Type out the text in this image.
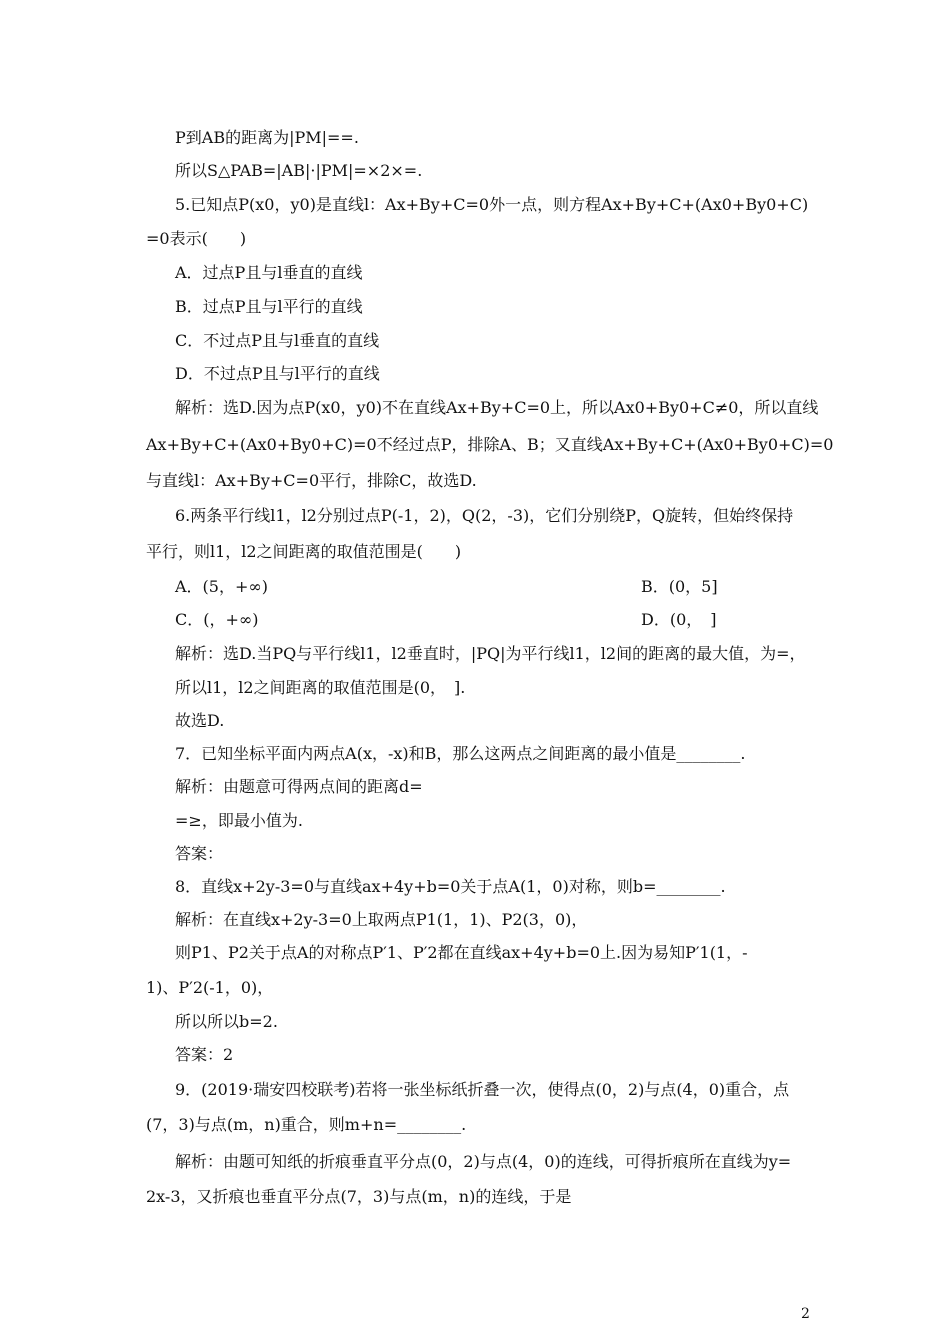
P到AB的距离为|PM|==.
所以S△PAB=|AB|·|PM|=×2×=.
5.已知点P(x0，y0)是直线l：Ax+By+C=0外一点，则方程Ax+By+C+(Ax0+By0+C)
=0表示(　　)
A．过点P且与l垂直的直线
B．过点P且与l平行的直线
C．不过点P且与l垂直的直线
D．不过点P且与l平行的直线
解析：选D.因为点P(x0，y0)不在直线Ax+By+C=0上，所以Ax0+By0+C≠0，所以直线
Ax+By+C+(Ax0+By0+C)=0不经过点P，排除A、B；又直线Ax+By+C+(Ax0+By0+C)=0
与直线l：Ax+By+C=0平行，排除C，故选D.
6.两条平行线l1，l2分别过点P(-1，2)，Q(2，-3)，它们分别绕P，Q旋转，但始终保持
平行，则l1，l2之间距离的取值范围是(　　)
A．(5，+∞)	B．(0，5]
C．(，+∞)	D．(0，　]
解析：选D.当PQ与平行线l1，l2垂直时，|PQ|为平行线l1，l2间的距离的最大值，为=，
所以l1，l2之间距离的取值范围是(0，　].
故选D.
7．已知坐标平面内两点A(x，-x)和B，那么这两点之间距离的最小值是________.
解析：由题意可得两点间的距离d=
=≥，即最小值为.
答案：
8．直线x+2y-3=0与直线ax+4y+b=0关于点A(1，0)对称，则b=________.
解析：在直线x+2y-3=0上取两点P1(1，1)、P2(3，0)，
则P1、P2关于点A的对称点P′1、P′2都在直线ax+4y+b=0上.因为易知P′1(1，-
1)、P′2(-1，0)，
所以所以b=2.
答案：2
9．(2019·瑞安四校联考)若将一张坐标纸折叠一次，使得点(0，2)与点(4，0)重合，点
(7，3)与点(m，n)重合，则m+n=________.
解析：由题可知纸的折痕垂直平分点(0，2)与点(4，0)的连线，可得折痕所在直线为y=
2x-3，又折痕也垂直平分点(7，3)与点(m，n)的连线，于是
2
